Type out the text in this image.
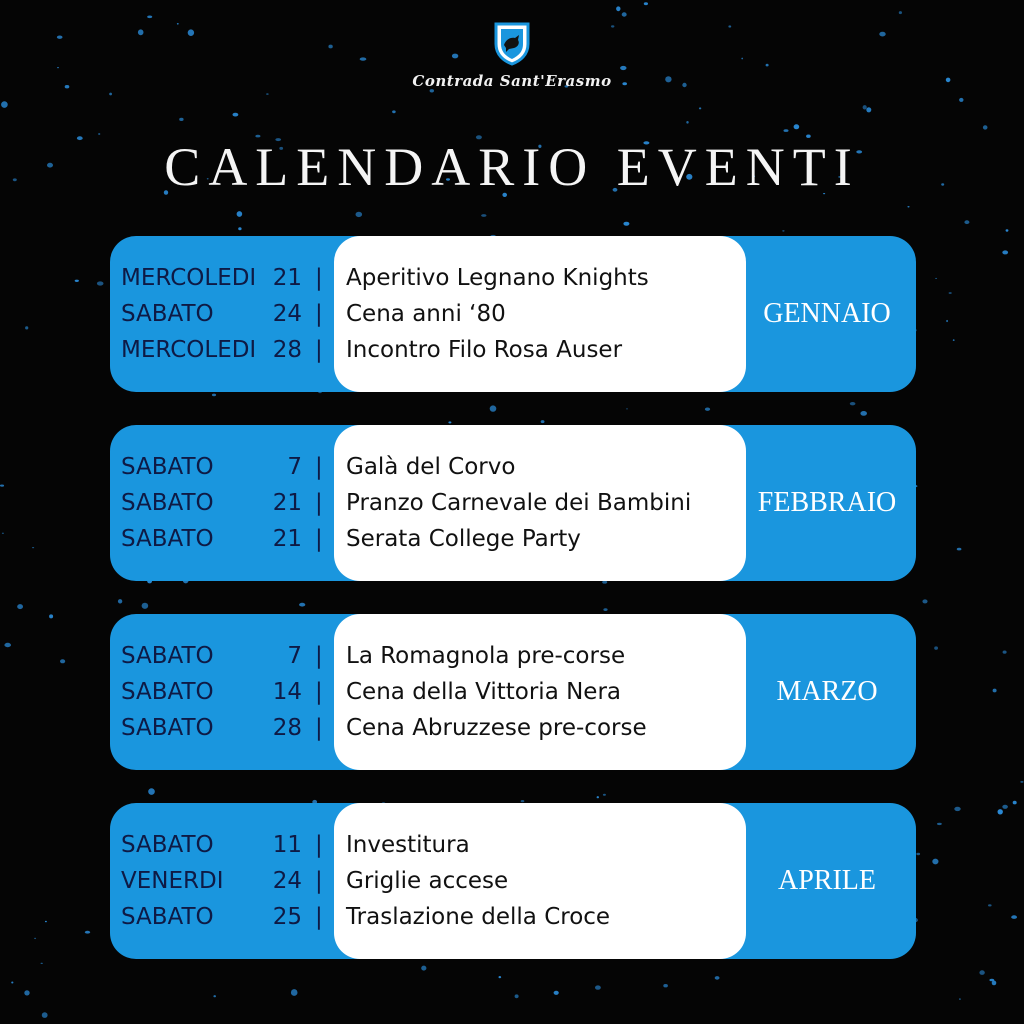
Contrada Sant'Erasmo
CALENDARIO EVENTI
MERCOLEDI 21 | Aperitivo Legnano Knights
SABATO	24 | Cena anni ‘80
MERCOLEDI 28 | Incontro Filo Rosa Auser
GENNAIO
SABATO	7 | Galà del Corvo
SABATO	21 | Pranzo Carnevale dei Bambini
SABATO	21 | Serata College Party
FEBBRAIO
SABATO	7 | La Romagnola pre-corse
SABATO	14 | Cena della Vittoria Nera
SABATO	28 | Cena Abruzzese pre-corse
MARZO
SABATO	11 | Investitura
VENERDI 24 | Griglie accese
SABATO	25 | Traslazione della Croce
APRILE
